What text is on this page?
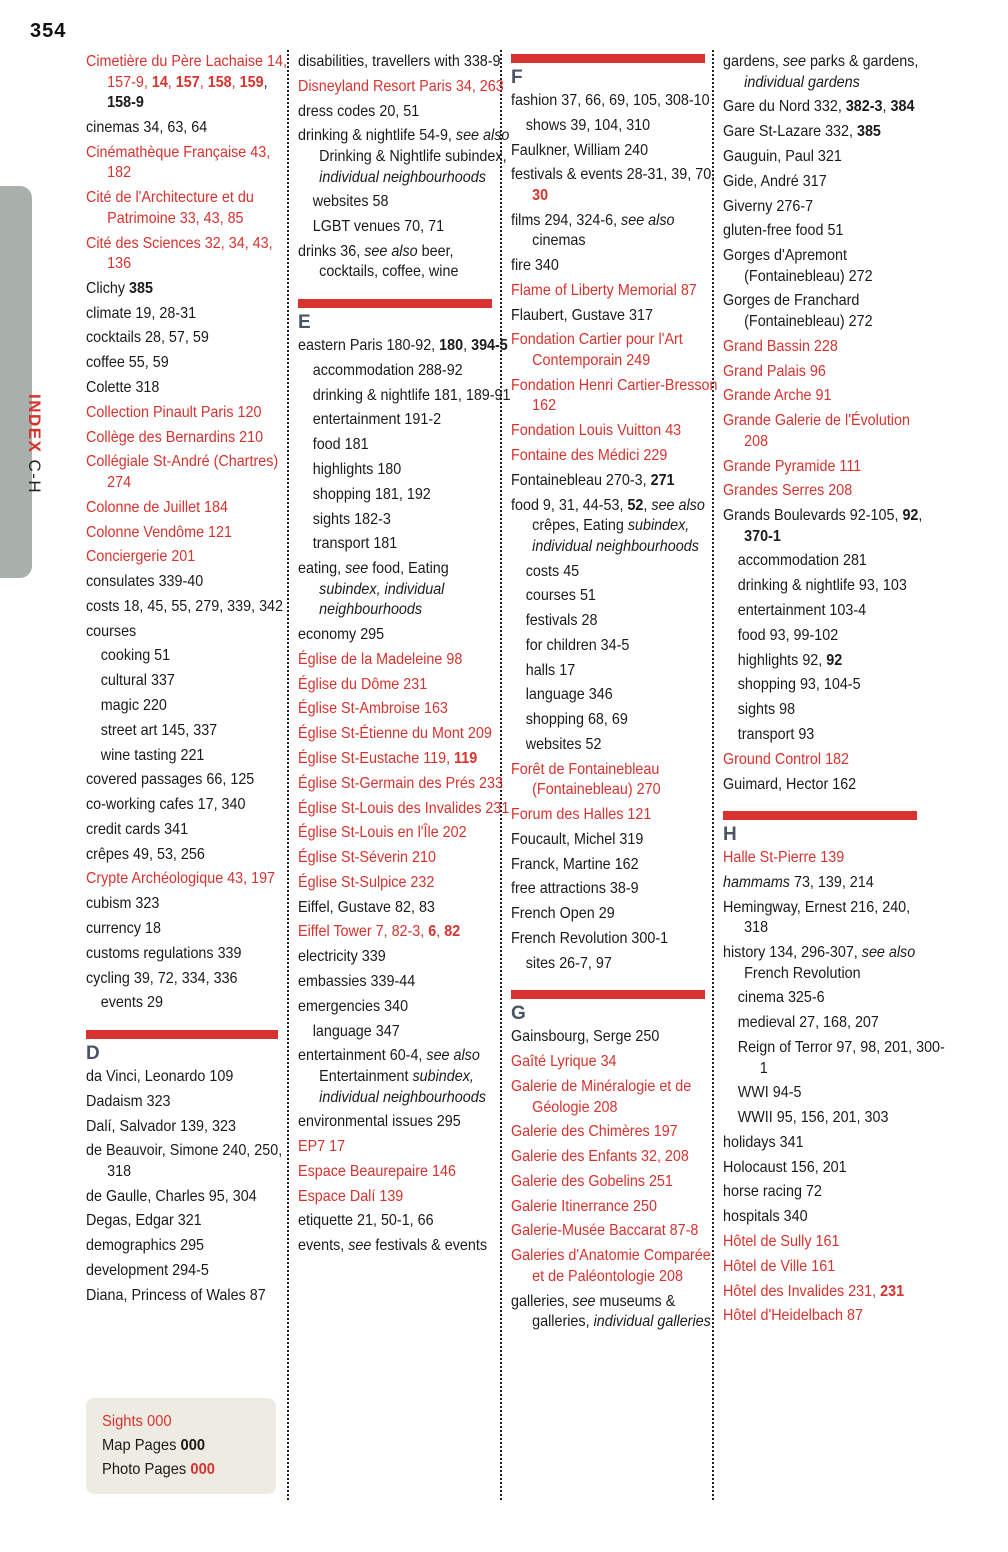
354
INDEXC-H
Cimetière du Père Lachaise 14, 157-9, 14, 157, 158, 159, 158-9
cinemas 34, 63, 64
Cinémathèque Française 43, 182
Cité de l'Architecture et du Patrimoine 33, 43, 85
Cité des Sciences 32, 34, 43, 136
Clichy 385
climate 19, 28-31
cocktails 28, 57, 59
coffee 55, 59
Colette 318
Collection Pinault Paris 120
Collège des Bernardins 210
Collégiale St-André (Chartres) 274
Colonne de Juillet 184
Colonne Vendôme 121
Conciergerie 201
consulates 339-40
costs 18, 45, 55, 279, 339, 342
courses
cooking 51
cultural 337
magic 220
street art 145, 337
wine tasting 221
covered passages 66, 125
co-working cafes 17, 340
credit cards 341
crêpes 49, 53, 256
Crypte Archéologique 43, 197
cubism 323
currency 18
customs regulations 339
cycling 39, 72, 334, 336
events 29
D
da Vinci, Leonardo 109
Dadaism 323
Dalí, Salvador 139, 323
de Beauvoir, Simone 240, 250, 318
de Gaulle, Charles 95, 304
Degas, Edgar 321
demographics 295
development 294-5
Diana, Princess of Wales 87
disabilities, travellers with 338-9
Disneyland Resort Paris 34, 263
dress codes 20, 51
drinking & nightlife 54-9, see also Drinking & Nightlife subindex, individual neighbourhoods
websites 58
LGBT venues 70, 71
drinks 36, see also beer, cocktails, coffee, wine
E
eastern Paris 180-92, 180, 394-5
accommodation 288-92
drinking & nightlife 181, 189-91
entertainment 191-2
food 181
highlights 180
shopping 181, 192
sights 182-3
transport 181
eating, see food, Eating subindex, individual neighbourhoods
economy 295
Église de la Madeleine 98
Église du Dôme 231
Église St-Ambroise 163
Église St-Étienne du Mont 209
Église St-Eustache 119, 119
Église St-Germain des Prés 233
Église St-Louis des Invalides 231
Église St-Louis en l'Île 202
Église St-Séverin 210
Église St-Sulpice 232
Eiffel, Gustave 82, 83
Eiffel Tower 7, 82-3, 6, 82
electricity 339
embassies 339-44
emergencies 340
language 347
entertainment 60-4, see also Entertainment subindex, individual neighbourhoods
environmental issues 295
EP7 17
Espace Beaurepaire 146
Espace Dalí 139
etiquette 21, 50-1, 66
events, see festivals & events
F
fashion 37, 66, 69, 105, 308-10
shows 39, 104, 310
Faulkner, William 240
festivals & events 28-31, 39, 70, 30
films 294, 324-6, see also cinemas
fire 340
Flame of Liberty Memorial 87
Flaubert, Gustave 317
Fondation Cartier pour l'Art Contemporain 249
Fondation Henri Cartier-Bresson 162
Fondation Louis Vuitton 43
Fontaine des Médici 229
Fontainebleau 270-3, 271
food 9, 31, 44-53, 52, see also crêpes, Eating subindex, individual neighbourhoods
costs 45
courses 51
festivals 28
for children 34-5
halls 17
language 346
shopping 68, 69
websites 52
Forêt de Fontainebleau (Fontainebleau) 270
Forum des Halles 121
Foucault, Michel 319
Franck, Martine 162
free attractions 38-9
French Open 29
French Revolution 300-1
sites 26-7, 97
G
Gainsbourg, Serge 250
Gaîté Lyrique 34
Galerie de Minéralogie et de Géologie 208
Galerie des Chimères 197
Galerie des Enfants 32, 208
Galerie des Gobelins 251
Galerie Itinerrance 250
Galerie-Musée Baccarat 87-8
Galeries d'Anatomie Comparée et de Paléontologie 208
galleries, see museums & galleries, individual galleries
gardens, see parks & gardens, individual gardens
Gare du Nord 332, 382-3, 384
Gare St-Lazare 332, 385
Gauguin, Paul 321
Gide, André 317
Giverny 276-7
gluten-free food 51
Gorges d'Apremont (Fontainebleau) 272
Gorges de Franchard (Fontainebleau) 272
Grand Bassin 228
Grand Palais 96
Grande Arche 91
Grande Galerie de l'Évolution 208
Grande Pyramide 111
Grandes Serres 208
Grands Boulevards 92-105, 92, 370-1
accommodation 281
drinking & nightlife 93, 103
entertainment 103-4
food 93, 99-102
highlights 92, 92
shopping 93, 104-5
sights 98
transport 93
Ground Control 182
Guimard, Hector 162
H
Halle St-Pierre 139
hammams 73, 139, 214
Hemingway, Ernest 216, 240, 318
history 134, 296-307, see also French Revolution
cinema 325-6
medieval 27, 168, 207
Reign of Terror 97, 98, 201, 300-1
WWI 94-5
WWII 95, 156, 201, 303
holidays 341
Holocaust 156, 201
horse racing 72
hospitals 340
Hôtel de Sully 161
Hôtel de Ville 161
Hôtel des Invalides 231, 231
Hôtel d'Heidelbach 87
Sights 000
Map Pages 000
Photo Pages 000
